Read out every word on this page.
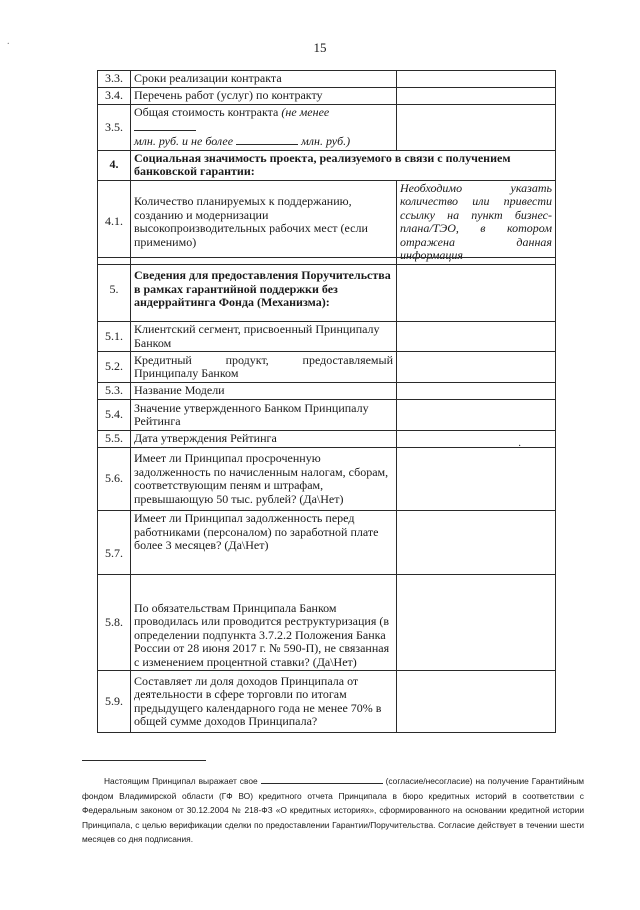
.	15
3.3.	Сроки реализации контракта	
3.4.	Перечень работ (услуг) по контракту	
3.5.	Общая стоимость контракта (не менее
млн. руб. и не более млн. руб.)	
4.	Социальная значимость проекта, реализуемого в связи с получением банковской гарантии:	
4.1.	Количество планируемых к поддержанию, созданию и модернизации высокопроизводительных рабочих мест (если применимо)	Необходимо указать количество или привести ссылку на пункт бизнес-плана/ТЭО, в котором отражена данная информация
5.	Сведения для предоставления Поручительства в рамках гарантийной поддержки без андеррайтинга Фонда (Механизма):	
5.1.	Клиентский сегмент, присвоенный Принципалу Банком	
5.2.	Кредитный продукт, предоставляемый Принципалу Банком	
5.3.	Название Модели	
5.4.	Значение утвержденного Банком Принципалу Рейтинга	
5.5.	Дата утверждения Рейтинга	
5.6.	Имеет ли Принципал просроченную задолженность по начисленным налогам, сборам, соответствующим пеням и штрафам, превышающую 50 тыс. рублей? (Да\Нет)	
5.7.	Имеет ли Принципал задолженность перед работниками (персоналом) по заработной плате более 3 месяцев? (Да\Нет)	
5.8.	По обязательствам Принципала Банком проводилась или проводится реструктуризация (в определении подпункта 3.7.2.2 Положения Банка России от 28 июня 2017 г. № 590-П), не связанная с изменением процентной ставки? (Да\Нет)	
5.9.	Составляет ли доля доходов Принципала от деятельности в сфере торговли по итогам предыдущего календарного года не менее 70% в общей сумме доходов Принципала?	
·
Настоящим Принципал выражает свое	(согласие/несогласие) на получение Гарантийным фондом Владимирской области (ГФ ВО) кредитного отчета Принципала в бюро кредитных историй в соответствии с Федеральным законом от 30.12.2004 № 218-ФЗ «О кредитных историях», сформированного на основании кредитной истории Принципала, с целью верификации сделки по предоставлении Гарантии/Поручительства. Согласие действует в течении шести месяцев со дня подписания.
